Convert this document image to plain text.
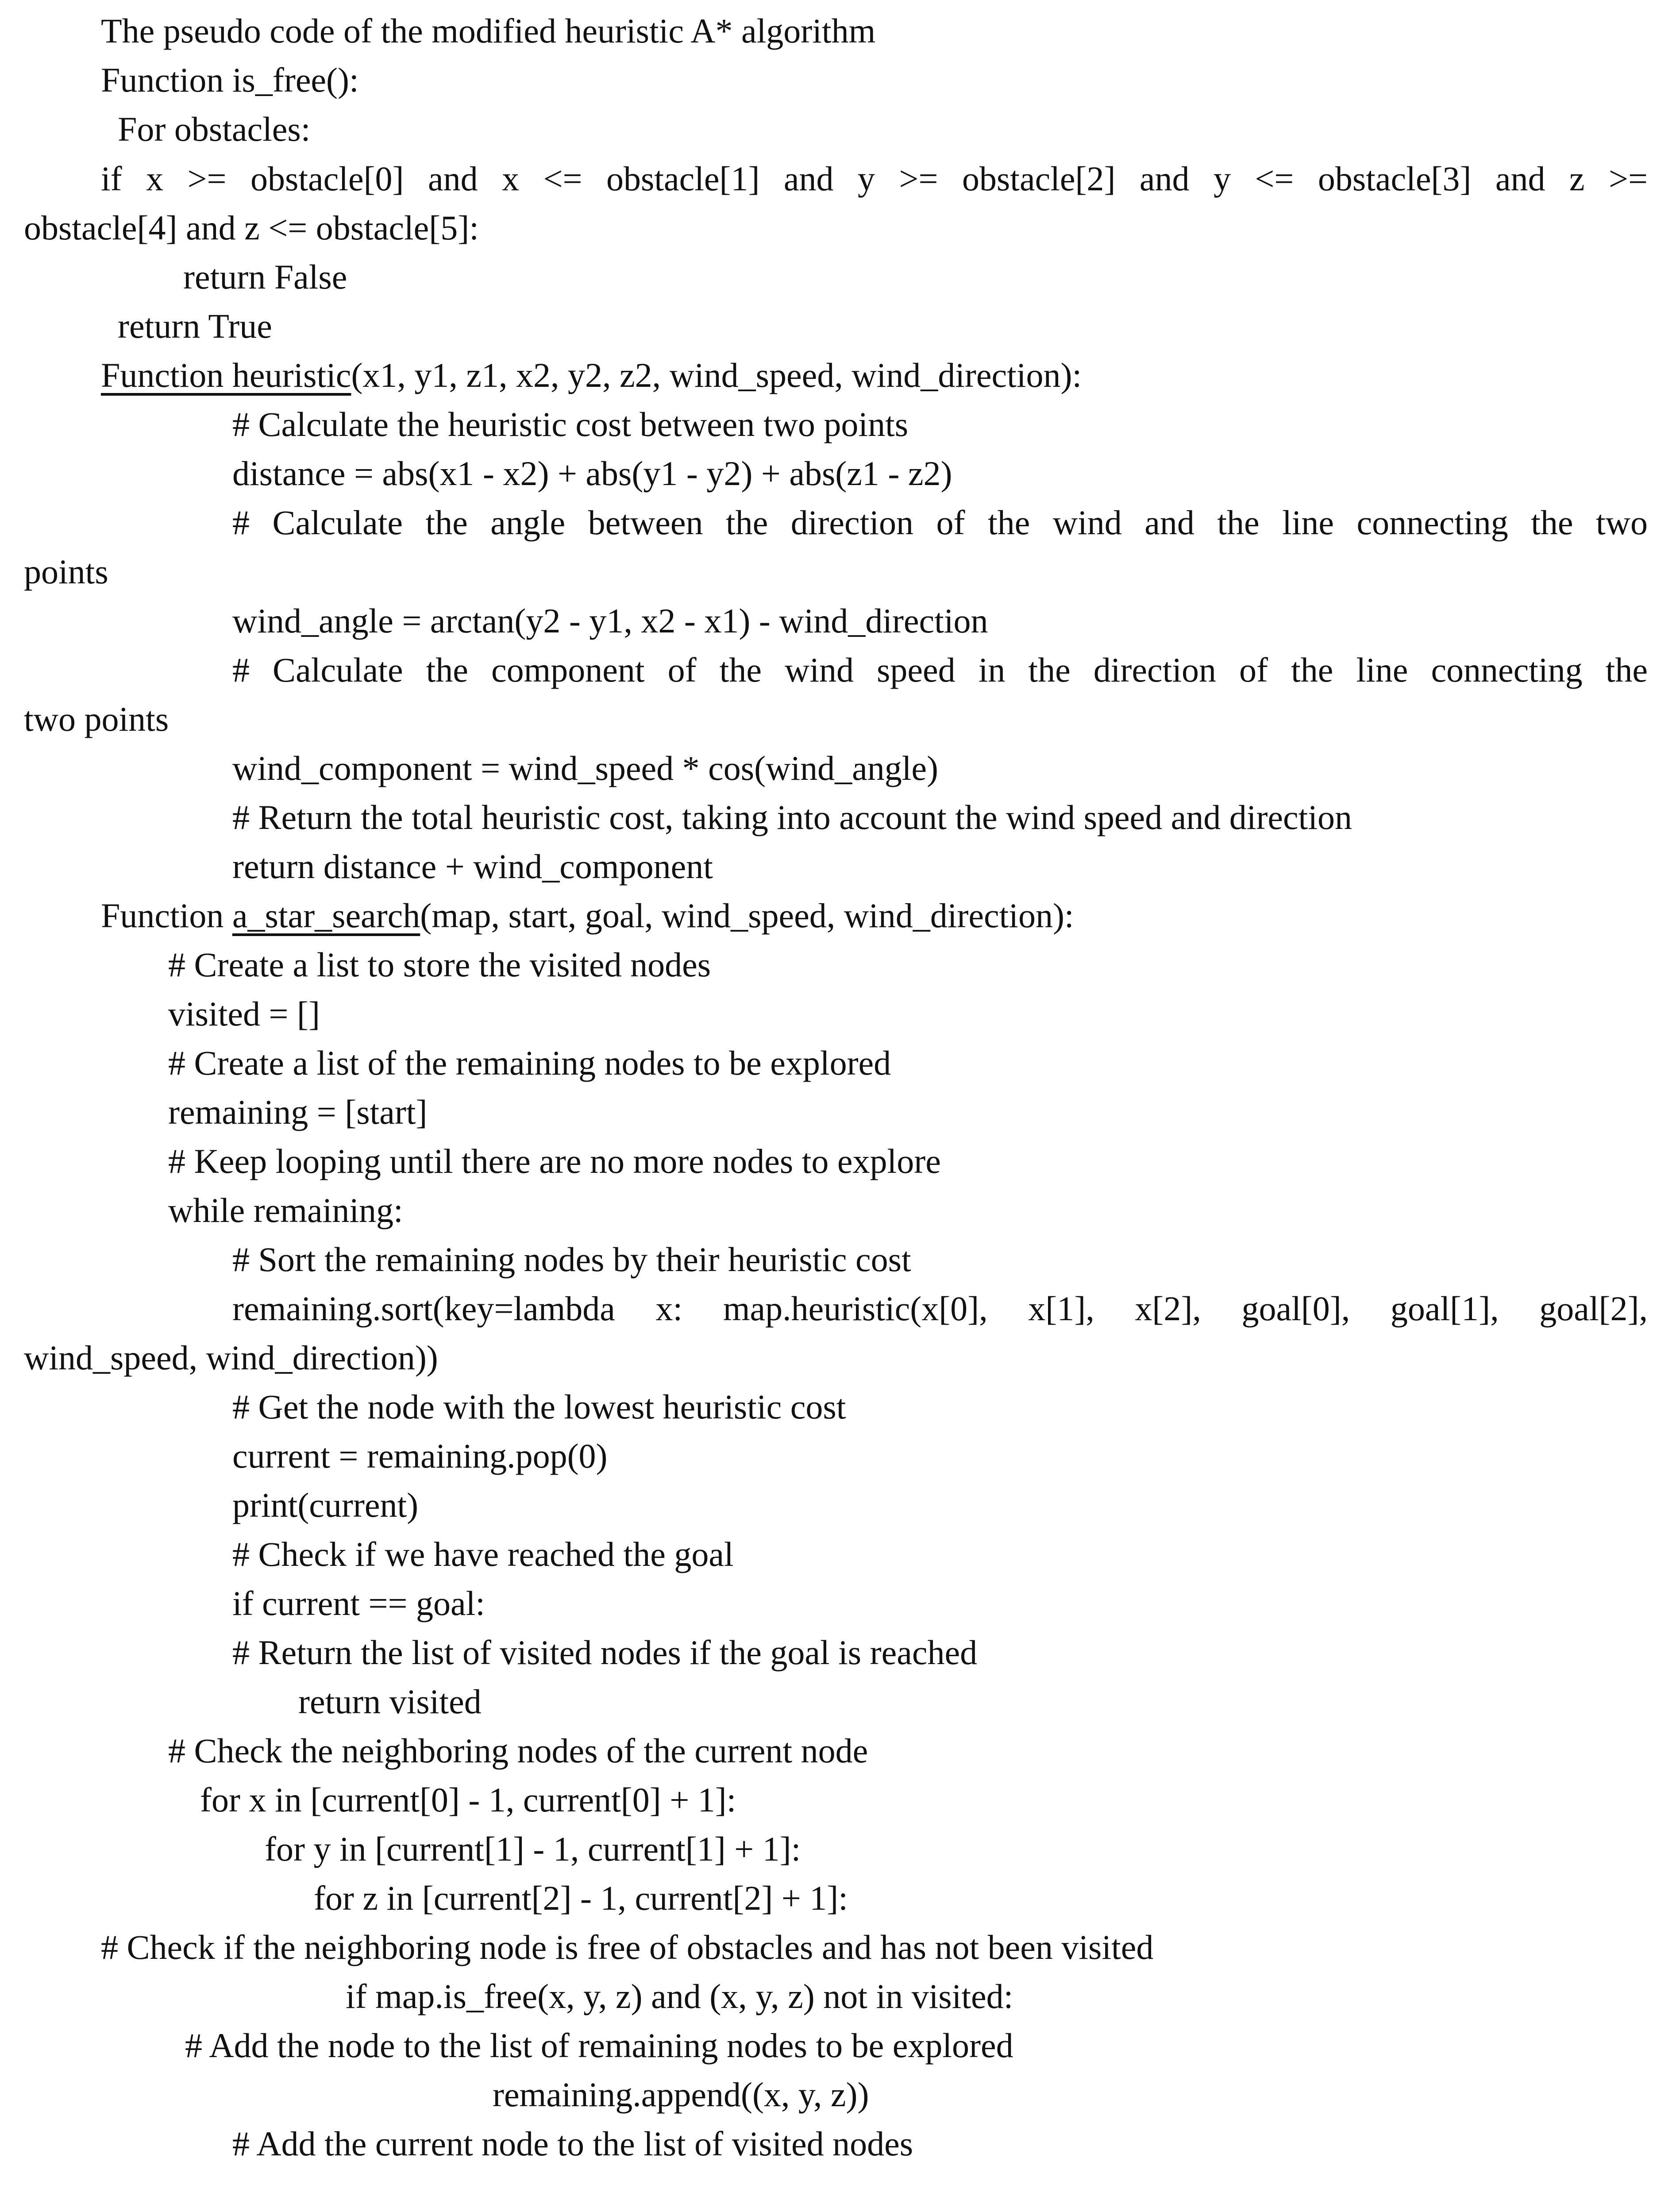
The pseudo code of the modified heuristic A* algorithm
Function is_free():
For obstacles:
if x >= obstacle[0] and x <= obstacle[1] and y >= obstacle[2] and y <= obstacle[3] and z >=
obstacle[4] and z <= obstacle[5]:
return False
return True
Function heuristic(x1, y1, z1, x2, y2, z2, wind_speed, wind_direction):
# Calculate the heuristic cost between two points
distance = abs(x1 - x2) + abs(y1 - y2) + abs(z1 - z2)
# Calculate the angle between the direction of the wind and the line connecting the two
points
wind_angle = arctan(y2 - y1, x2 - x1) - wind_direction
# Calculate the component of the wind speed in the direction of the line connecting the
two points
wind_component = wind_speed * cos(wind_angle)
# Return the total heuristic cost, taking into account the wind speed and direction
return distance + wind_component
Function a_star_search(map, start, goal, wind_speed, wind_direction):
# Create a list to store the visited nodes
visited = []
# Create a list of the remaining nodes to be explored
remaining = [start]
# Keep looping until there are no more nodes to explore
while remaining:
# Sort the remaining nodes by their heuristic cost
remaining.sort(key=lambda x: map.heuristic(x[0], x[1], x[2], goal[0], goal[1], goal[2],
wind_speed, wind_direction))
# Get the node with the lowest heuristic cost
current = remaining.pop(0)
print(current)
# Check if we have reached the goal
if current == goal:
# Return the list of visited nodes if the goal is reached
return visited
# Check the neighboring nodes of the current node
for x in [current[0] - 1, current[0] + 1]:
for y in [current[1] - 1, current[1] + 1]:
for z in [current[2] - 1, current[2] + 1]:
# Check if the neighboring node is free of obstacles and has not been visited
if map.is_free(x, y, z) and (x, y, z) not in visited:
# Add the node to the list of remaining nodes to be explored
remaining.append((x, y, z))
# Add the current node to the list of visited nodes
